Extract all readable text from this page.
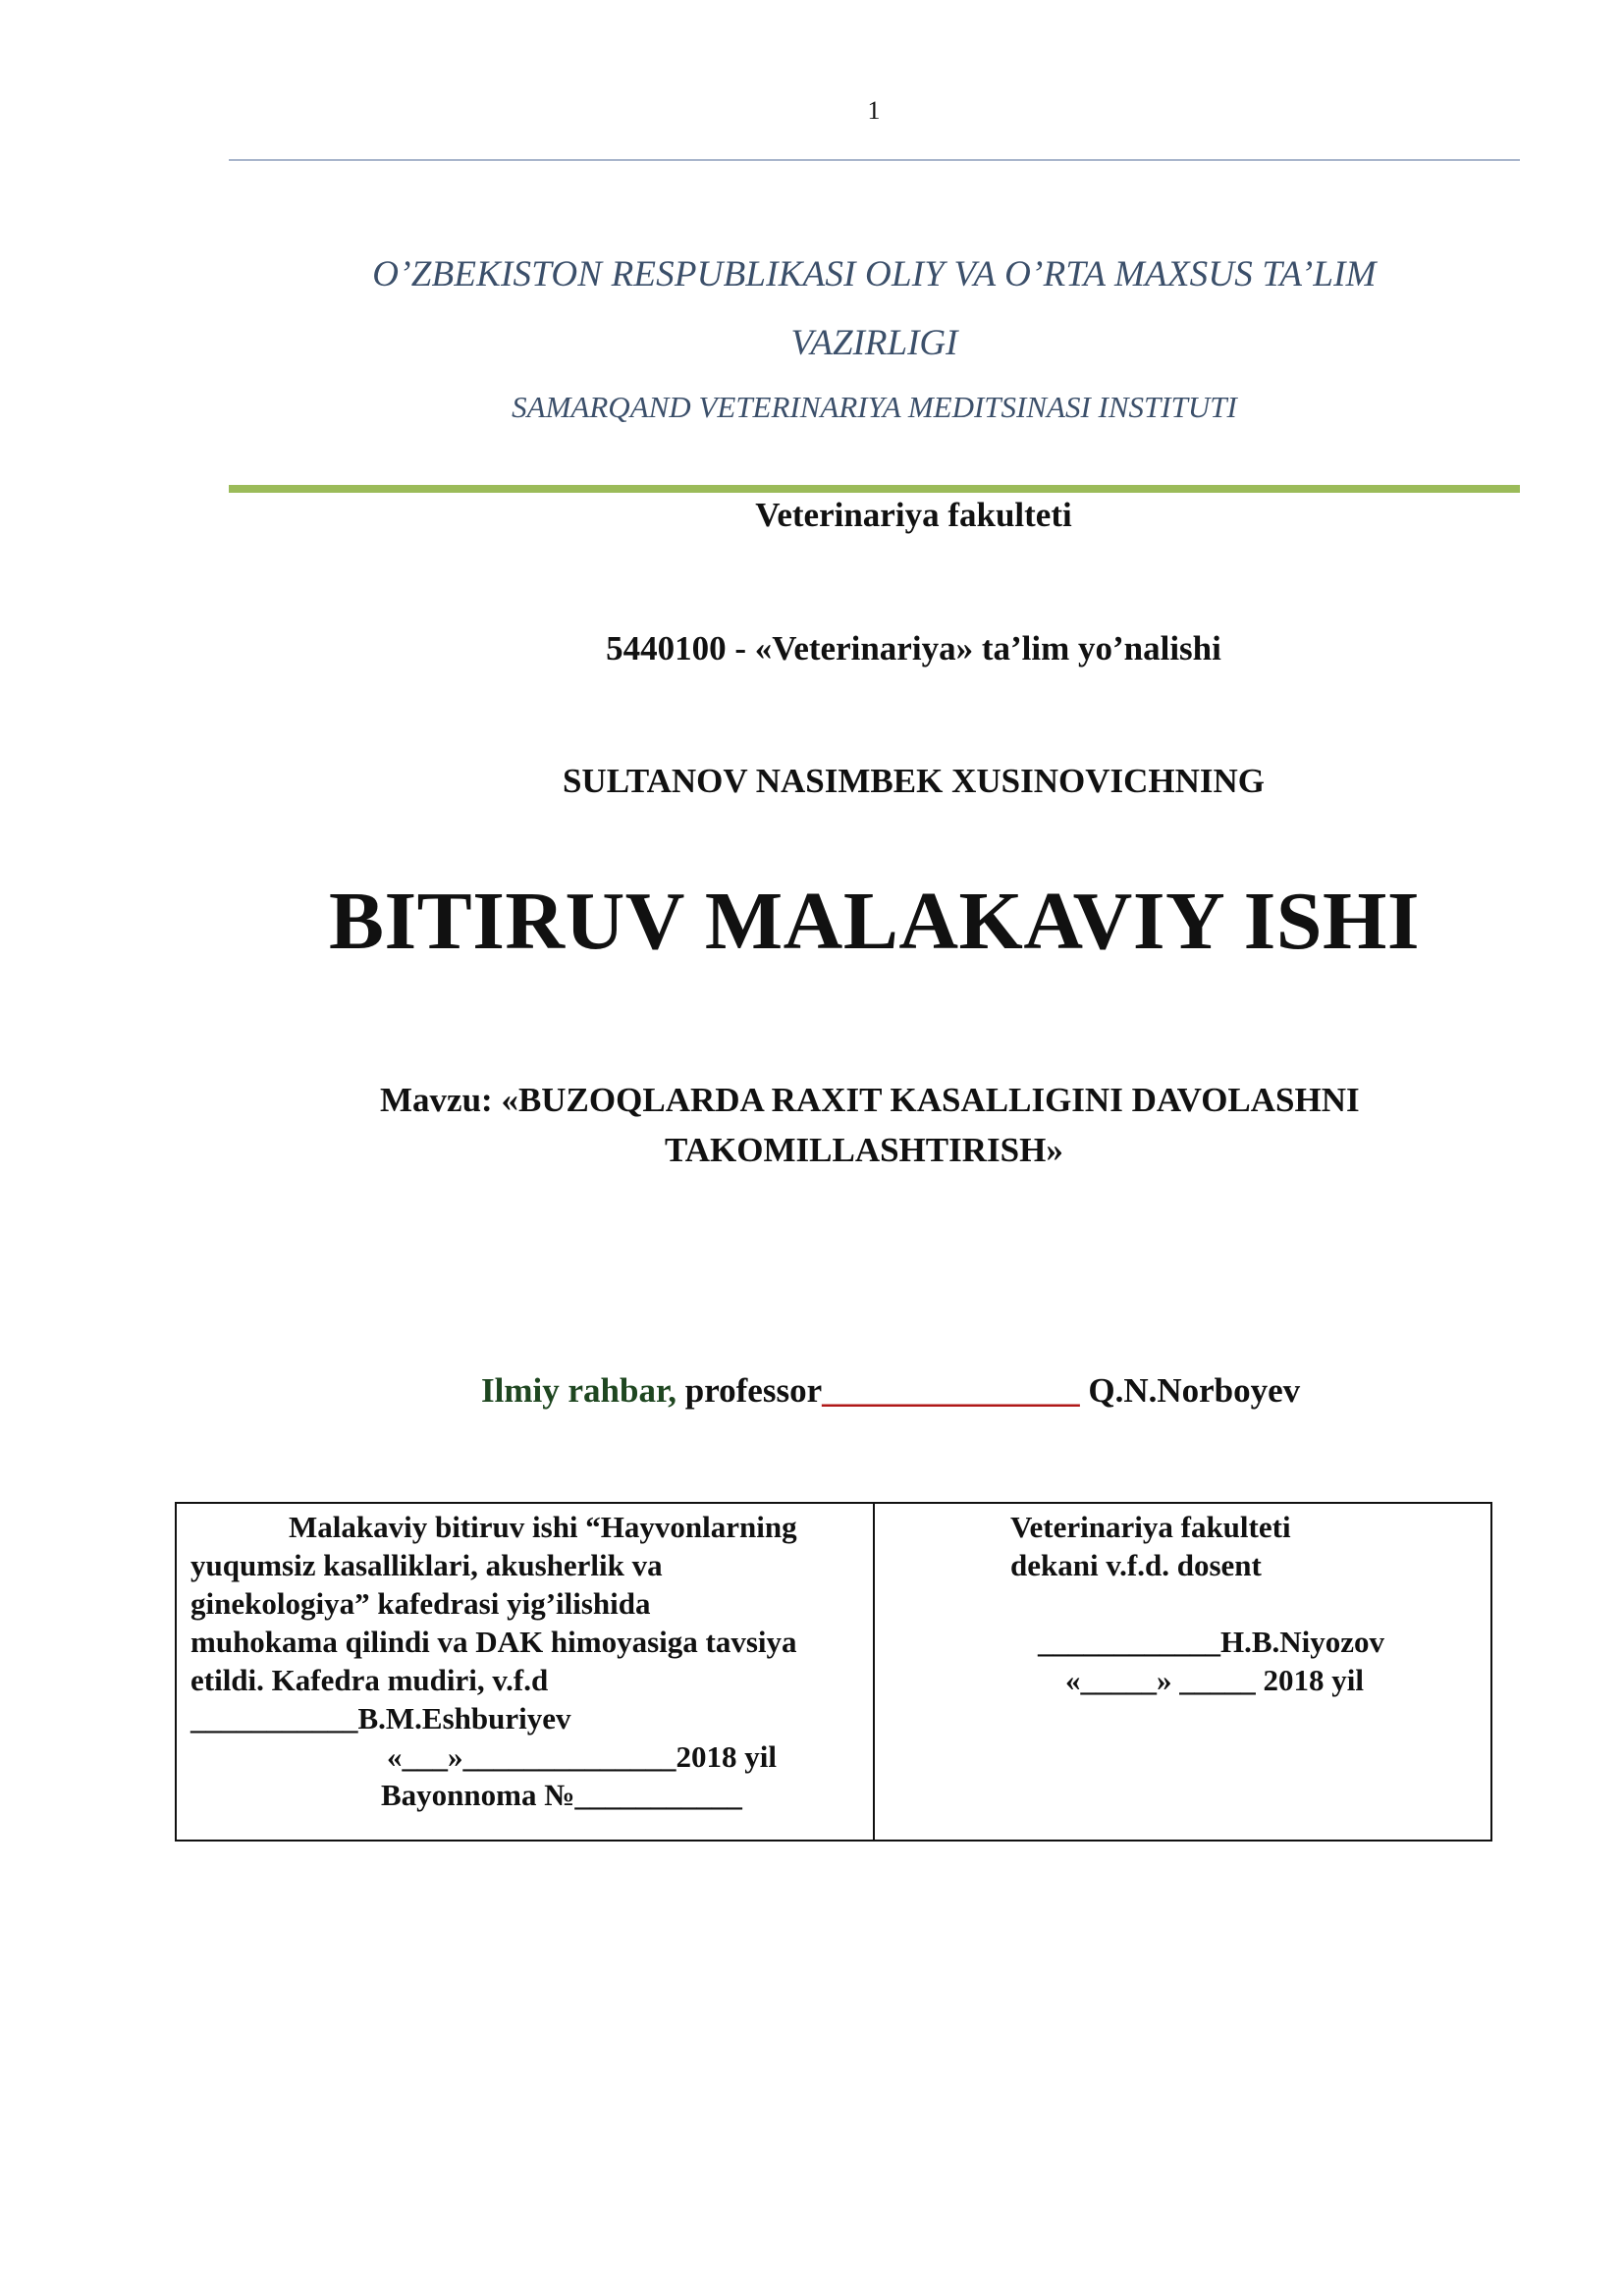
1
O’ZBEKISTON RESPUBLIKASI OLIY VA O’RTA MAXSUS TA’LIM
VAZIRLIGI
SAMARQAND VETERINARIYA MEDITSINASI INSTITUTI
Veterinariya fakulteti
5440100 - «Veterinariya» ta’lim yo’nalishi
SULTANOV NASIMBEK XUSINOVICHNING
BITIRUV MALAKAVIY ISHI
Mavzu: «BUZOQLARDA RAXIT KASALLIGINI DAVOLASHNI
TAKOMILLASHTIRISH»
Ilmiy rahbar, professor_______________ Q.N.Norboyev
Malakaviy bitiruv ishi “Hayvonlarning
yuqumsiz kasalliklari, akusherlik va
ginekologiya” kafedrasi yig’ilishida
muhokama qilindi va DAK himoyasiga tavsiya
etildi. Kafedra mudiri, v.f.d
___________B.M.Eshburiyev
«___»______________2018 yil
Bayonnoma №___________
Veterinariya fakulteti
dekani v.f.d. dosent
____________H.B.Niyozov
«_____» _____ 2018 yil
